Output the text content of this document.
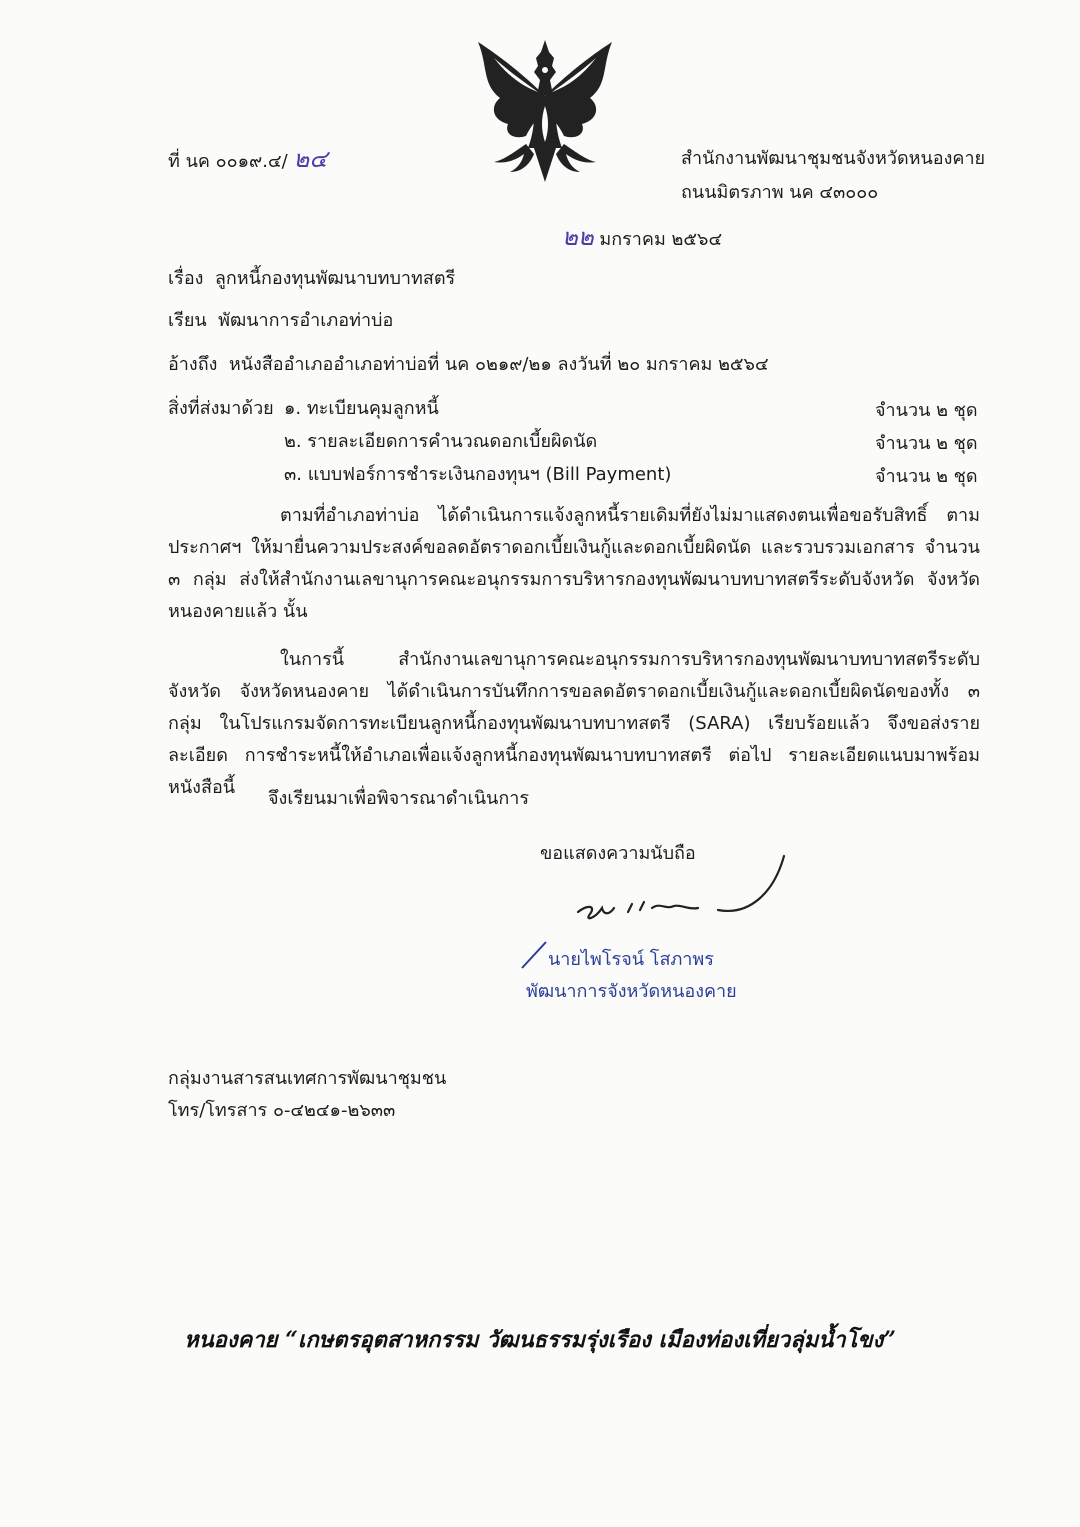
ที่ นค ๐๐๑๙.๔/ ๒๔	สำนักงานพัฒนาชุมชนจังหวัดหนองคาย
ถนนมิตรภาพ นค ๔๓๐๐๐
๒๒ มกราคม ๒๕๖๔
เรื่อง ลูกหนี้กองทุนพัฒนาบทบาทสตรี
เรียน พัฒนาการอำเภอท่าบ่อ
อ้างถึง หนังสืออำเภออำเภอท่าบ่อที่ นค ๐๒๑๙/๒๑ ลงวันที่ ๒๐ มกราคม ๒๕๖๔
สิ่งที่ส่งมาด้วย ๑. ทะเบียนคุมลูกหนี้	จำนวน ๒ ชุด
๒. รายละเอียดการคำนวณดอกเบี้ยผิดนัด	จำนวน ๒ ชุด
๓. แบบฟอร์การชำระเงินกองทุนฯ (Bill Payment)	จำนวน ๒ ชุด
ตามที่อำเภอท่าบ่อ ได้ดำเนินการแจ้งลูกหนี้รายเดิมที่ยังไม่มาแสดงตนเพื่อขอรับสิทธิ์ ตามประกาศฯ ให้มายื่นความประสงค์ขอลดอัตราดอกเบี้ยเงินกู้และดอกเบี้ยผิดนัด และรวบรวมเอกสาร จำนวน ๓ กลุ่ม ส่งให้สำนักงานเลขานุการคณะอนุกรรมการบริหารกองทุนพัฒนาบทบาทสตรีระดับจังหวัด จังหวัดหนองคายแล้ว นั้น
ในการนี้ สำนักงานเลขานุการคณะอนุกรรมการบริหารกองทุนพัฒนาบทบาทสตรีระดับจังหวัด จังหวัดหนองคาย ได้ดำเนินการบันทึกการขอลดอัตราดอกเบี้ยเงินกู้และดอกเบี้ยผิดนัดของทั้ง ๓ กลุ่ม ในโปรแกรมจัดการทะเบียนลูกหนี้กองทุนพัฒนาบทบาทสตรี (SARA) เรียบร้อยแล้ว จึงขอส่งรายละเอียด การชำระหนี้ให้อำเภอเพื่อแจ้งลูกหนี้กองทุนพัฒนาบทบาทสตรี ต่อไป รายละเอียดแนบมาพร้อมหนังสือนี้
จึงเรียนมาเพื่อพิจารณาดำเนินการ
ขอแสดงความนับถือ
นายไพโรจน์ โสภาพร
พัฒนาการจังหวัดหนองคาย
กลุ่มงานสารสนเทศการพัฒนาชุมชน
โทร/โทรสาร ๐-๔๒๔๑-๒๖๓๓
หนองคาย “เกษตรอุตสาหกรรม วัฒนธรรมรุ่งเรือง เมืองท่องเที่ยวลุ่มน้ำโขง”
